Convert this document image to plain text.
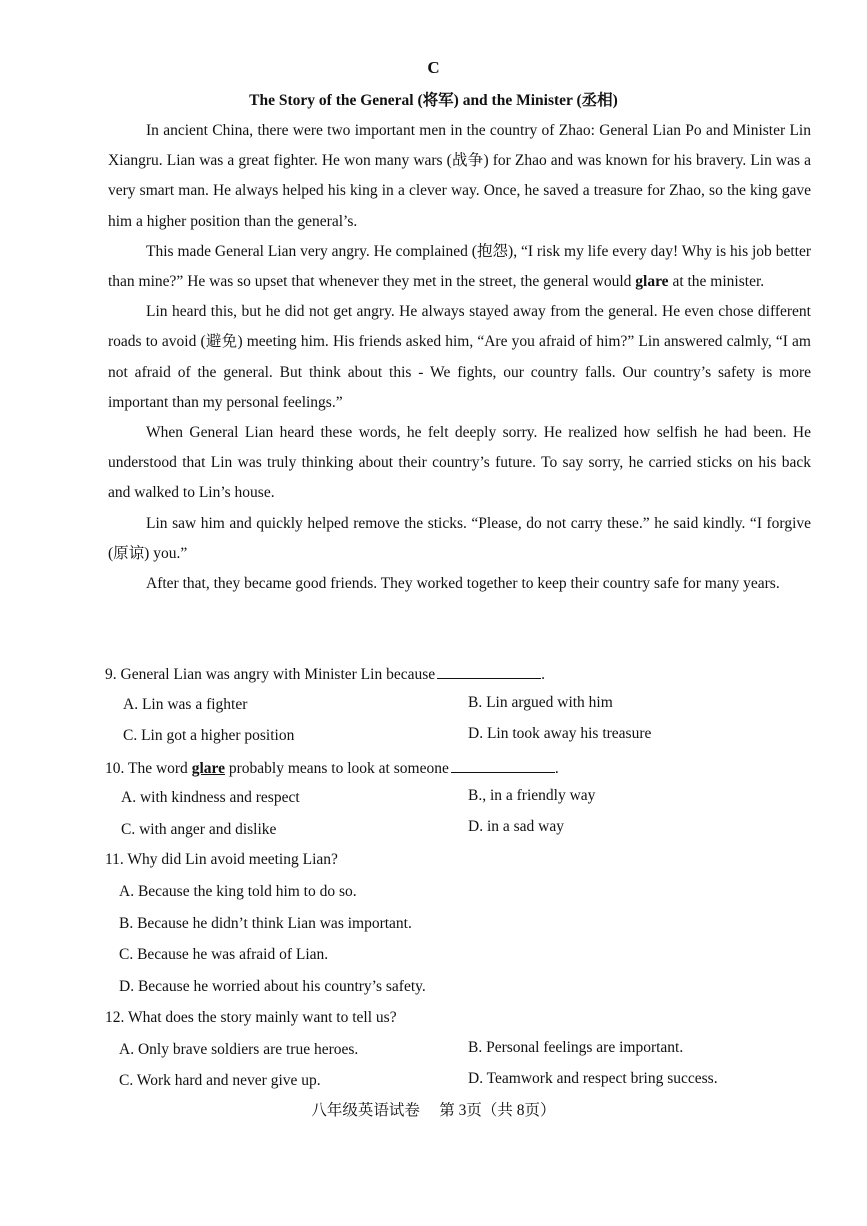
C
The Story of the General (将军) and the Minister (丞相)

In ancient China, there were two important men in the country of Zhao: General Lian Po and Minister Lin Xiangru. Lian was a great fighter. He won many wars (战争) for Zhao and was known for his bravery. Lin was a very smart man. He always helped his king in a clever way. Once, he saved a treasure for Zhao, so the king gave him a higher position than the general’s.

This made General Lian very angry. He complained (抱怨), “I risk my life every day! Why is his job better than mine?” He was so upset that whenever they met in the street, the general would glare at the minister.

Lin heard this, but he did not get angry. He always stayed away from the general. He even chose different roads to avoid (避免) meeting him. His friends asked him, “Are you afraid of him?” Lin answered calmly, “I am not afraid of the general. But think about this - We fights, our country falls. Our country’s safety is more important than my personal feelings.”

When General Lian heard these words, he felt deeply sorry. He realized how selfish he had been. He understood that Lin was truly thinking about their country’s future. To say sorry, he carried sticks on his back and walked to Lin’s house.

Lin saw him and quickly helped remove the sticks. “Please, do not carry these.” he said kindly. “I forgive (原谅) you.”

After that, they became good friends. They worked together to keep their country safe for many years.

9. General Lian was angry with Minister Lin because	.
A. Lin was a fighter	B. Lin argued with him
C. Lin got a higher position	D. Lin took away his treasure
10. The word glare probably means to look at someone	.
A. with kindness and respect	B., in a friendly way
C. with anger and dislike	D. in a sad way
11. Why did Lin avoid meeting Lian?
A. Because the king told him to do so.
B. Because he didn’t think Lian was important.
C. Because he was afraid of Lian.
D. Because he worried about his country’s safety.
12. What does the story mainly want to tell us?
A. Only brave soldiers are true heroes.	B. Personal feelings are important.
C. Work hard and never give up.	D. Teamwork and respect bring success.
八年级英语试卷　 第 3页（共 8页）
